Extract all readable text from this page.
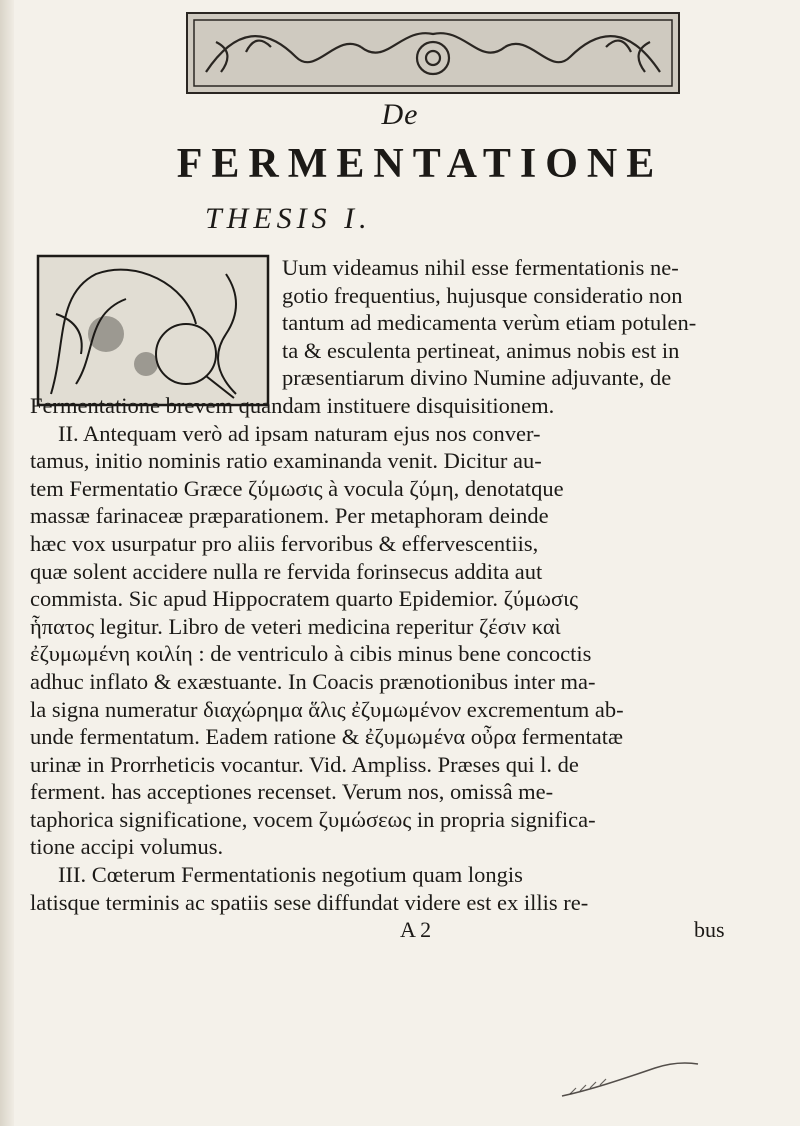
De
FERMENTATIONE
THESIS I.
Uum videamus nihil esse fermentationis ne-
gotio frequentius, hujusque consideratio non
tantum ad medicamenta verùm etiam potulen-
ta & esculenta pertineat, animus nobis est in
præsentiarum divino Numine adjuvante, de
Fermentatione brevem quandam instituere disquisitionem.
II. Antequam verò ad ipsam naturam ejus nos conver-
tamus, initio nominis ratio examinanda venit. Dicitur au-
tem Fermentatio Græce ζύμωσις à vocula ζύμη, denotatque
massæ farinaceæ præparationem. Per metaphoram deinde
hæc vox usurpatur pro aliis fervoribus & effervescentiis,
quæ solent accidere nulla re fervida forinsecus addita aut
commista. Sic apud Hippocratem quarto Epidemior. ζύμωσις
ἧπατος legitur. Libro de veteri medicina reperitur ζέσιν καὶ
ἐζυμωμένη κοιλίη : de ventriculo à cibis minus bene concoctis
adhuc inflato & exæstuante. In Coacis prænotionibus inter ma-
la signa numeratur διαχώρημα ἅλις ἐζυμωμένον excrementum ab-
unde fermentatum. Eadem ratione & ἐζυμωμένα οὖρα fermentatæ
urinæ in Prorrheticis vocantur. Vid. Ampliss. Præses qui l. de
ferment. has acceptiones recenset. Verum nos, omissâ me-
taphorica significatione, vocem ζυμώσεως in propria significa-
tione accipi volumus.
III. Cœterum Fermentationis negotium quam longis
latisque terminis ac spatiis sese diffundat videre est ex illis re-
A 2	bus
